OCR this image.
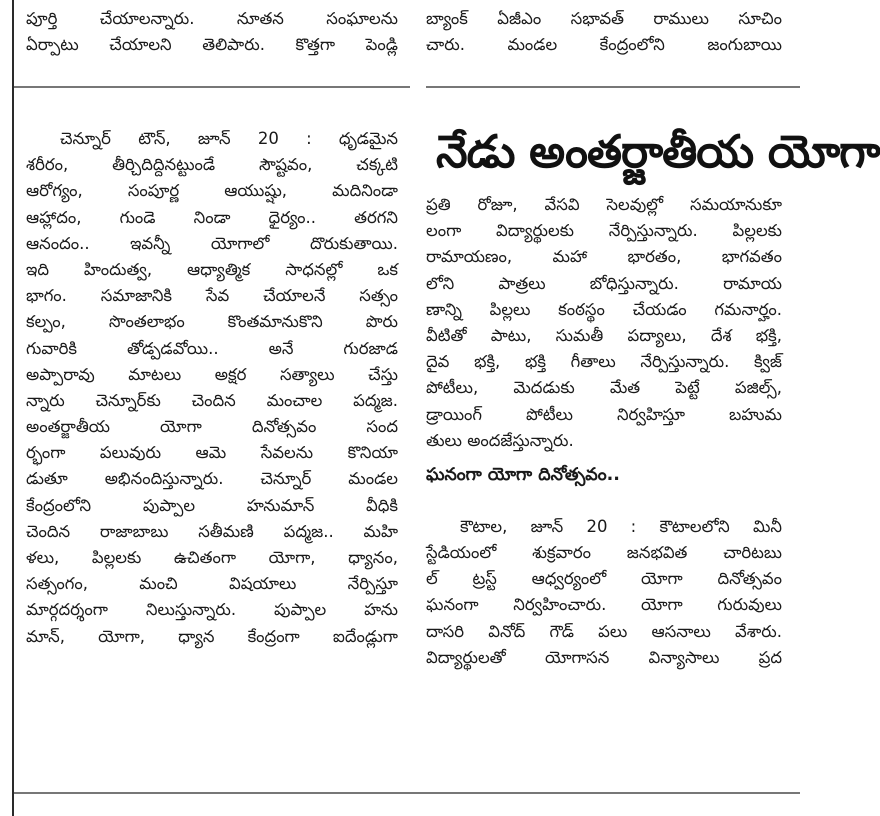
పూర్తి చేయాలన్నారు. నూతన సంఘాలను
ఏర్పాటు చేయాలని తెలిపారు. కొత్తగా పెండ్లి
బ్యాంక్ ఏజీఎం సభావత్ రాములు సూచిం
చారు. మండల కేంద్రంలోని జంగుబాయి
చెన్నూర్ టౌన్, జూన్ 20 : ధృడమైన
శరీరం, తీర్చిదిద్దినట్టుండే సౌష్టవం, చక్కటి
ఆరోగ్యం, సంపూర్ణ ఆయుష్షు, మదినిండా
ఆహ్లాదం, గుండె నిండా ధైర్యం.. తరగని
ఆనందం.. ఇవన్నీ యోగాలో దొరుకుతాయి.
ఇది హిందుత్వ, ఆధ్యాత్మిక సాధనల్లో ఒక
భాగం. సమాజానికి సేవ చేయాలనే సత్సం
కల్పం, సొంతలాభం కొంతమానుకొని పొరు
గువారికి తోడ్పడవోయి.. అనే గురజాడ
అప్పారావు మాటలు అక్షర సత్యాలు చేస్తు
న్నారు చెన్నూర్‌కు చెందిన మంచాల పద్మజ.
అంతర్జాతీయ యోగా దినోత్సవం సంద
ర్భంగా పలువురు ఆమె సేవలను కొనియా
డుతూ అభినందిస్తున్నారు. చెన్నూర్ మండల
కేంద్రంలోని పుప్పాల హనుమాన్ వీధికి
చెందిన రాజాబాబు సతీమణి పద్మజ.. మహి
ళలు, పిల్లలకు ఉచితంగా యోగా, ధ్యానం,
సత్సంగం, మంచి విషయాలు నేర్పిస్తూ
మార్గదర్శంగా నిలుస్తున్నారు. పుప్పాల హను
మాన్, యోగా, ధ్యాన కేంద్రంగా ఐదేండ్లుగా
నేడు అంతర్జాతీయ యోగా
ప్రతి రోజూ, వేసవి సెలవుల్లో సమయానుకూ
లంగా విద్యార్థులకు నేర్పిస్తున్నారు. పిల్లలకు
రామాయణం, మహా భారతం, భాగవతం
లోని పాత్రలు బోధిస్తున్నారు. రామాయ
ణాన్ని పిల్లలు కంఠస్థం చేయడం గమనార్హం.
వీటితో పాటు, సుమతీ పద్యాలు, దేశ భక్తి,
దైవ భక్తి, భక్తి గీతాలు నేర్పిస్తున్నారు. క్విజ్
పోటీలు, మెదడుకు మేత పెట్టే పజిల్స్,
డ్రాయింగ్ పోటీలు నిర్వహిస్తూ బహుమ
తులు అందజేస్తున్నారు.
ఘనంగా యోగా దినోత్సవం..
కౌటాల, జూన్ 20 : కౌటాలలోని మినీ
స్టేడియంలో శుక్రవారం జనభవిత చారిటబు
ల్ ట్రస్ట్ ఆధ్వర్యంలో యోగా దినోత్సవం
ఘనంగా నిర్వహించారు. యోగా గురువులు
దాసరి వినోద్ గౌడ్ పలు ఆసనాలు వేశారు.
విద్యార్థులతో యోగాసన విన్యాసాలు ప్రద
